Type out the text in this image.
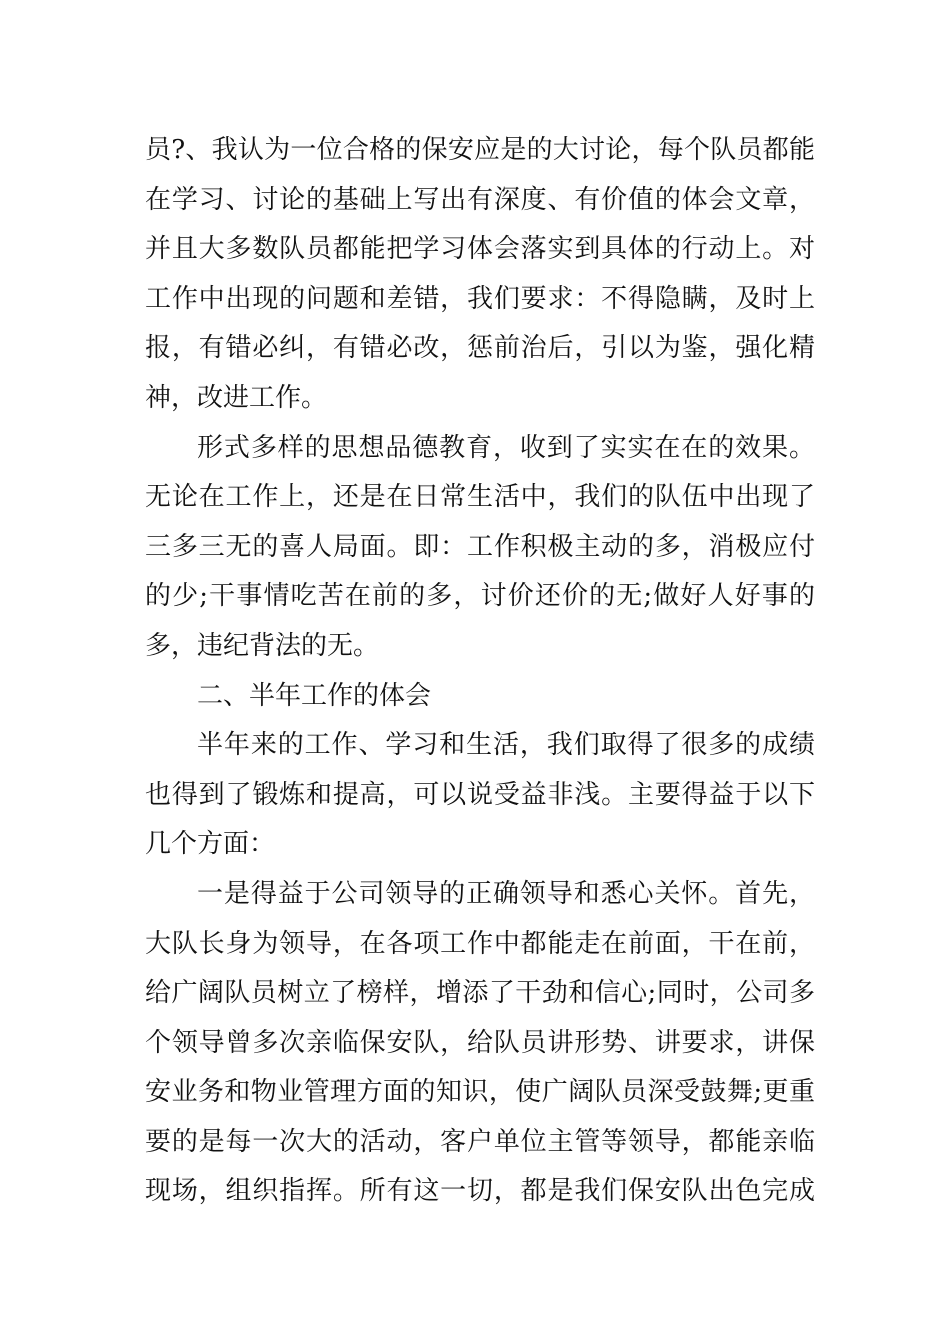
员?、我认为一位合格的保安应是的大讨论，每个队员都能
在学习、讨论的基础上写出有深度、有价值的体会文章，
并且大多数队员都能把学习体会落实到具体的行动上。对
工作中出现的问题和差错，我们要求：不得隐瞒，及时上
报，有错必纠，有错必改，惩前治后，引以为鉴，强化精
神，改进工作。
形式多样的思想品德教育，收到了实实在在的效果。
无论在工作上，还是在日常生活中，我们的队伍中出现了
三多三无的喜人局面。即：工作积极主动的多，消极应付
的少;干事情吃苦在前的多，讨价还价的无;做好人好事的
多，违纪背法的无。
二、半年工作的体会
半年来的工作、学习和生活，我们取得了很多的成绩
也得到了锻炼和提高，可以说受益非浅。主要得益于以下
几个方面：
一是得益于公司领导的正确领导和悉心关怀。首先，
大队长身为领导，在各项工作中都能走在前面，干在前，
给广阔队员树立了榜样，增添了干劲和信心;同时，公司多
个领导曾多次亲临保安队，给队员讲形势、讲要求，讲保
安业务和物业管理方面的知识，使广阔队员深受鼓舞;更重
要的是每一次大的活动，客户单位主管等领导，都能亲临
现场，组织指挥。所有这一切，都是我们保安队出色完成
